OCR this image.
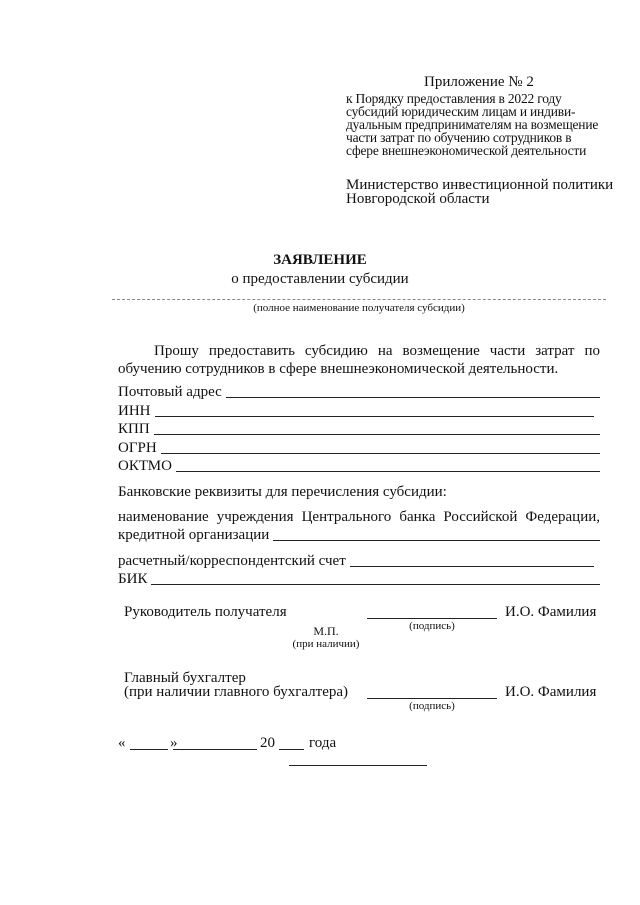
Приложение № 2
к Порядку предоставления в 2022 году
субсидий юридическим лицам и индиви-
дуальным предпринимателям на возмещение
части затрат по обучению сотрудников в
сфере внешнеэкономической деятельности
Министерство инвестиционной политики
Новгородской области
ЗАЯВЛЕНИЕ
о предоставлении субсидии
(полное наименование получателя субсидии)
Прошу предоставить субсидию на возмещение части затрат по
обучению сотрудников в сфере внешнеэкономической деятельности.
Почтовый адрес
ИНН
КПП
ОГРН
ОКТМО
Банковские реквизиты для перечисления субсидии:
наименование учреждения Центрального банка Российской Федерации,
кредитной организации
расчетный/корреспондентский счет
БИК
Руководитель получателя	И.О. Фамилия
(подпись)
М.П.
(при наличии)
Главный бухгалтер
(при наличии главного бухгалтера)	И.О. Фамилия
(подпись)
«	»	20 года
